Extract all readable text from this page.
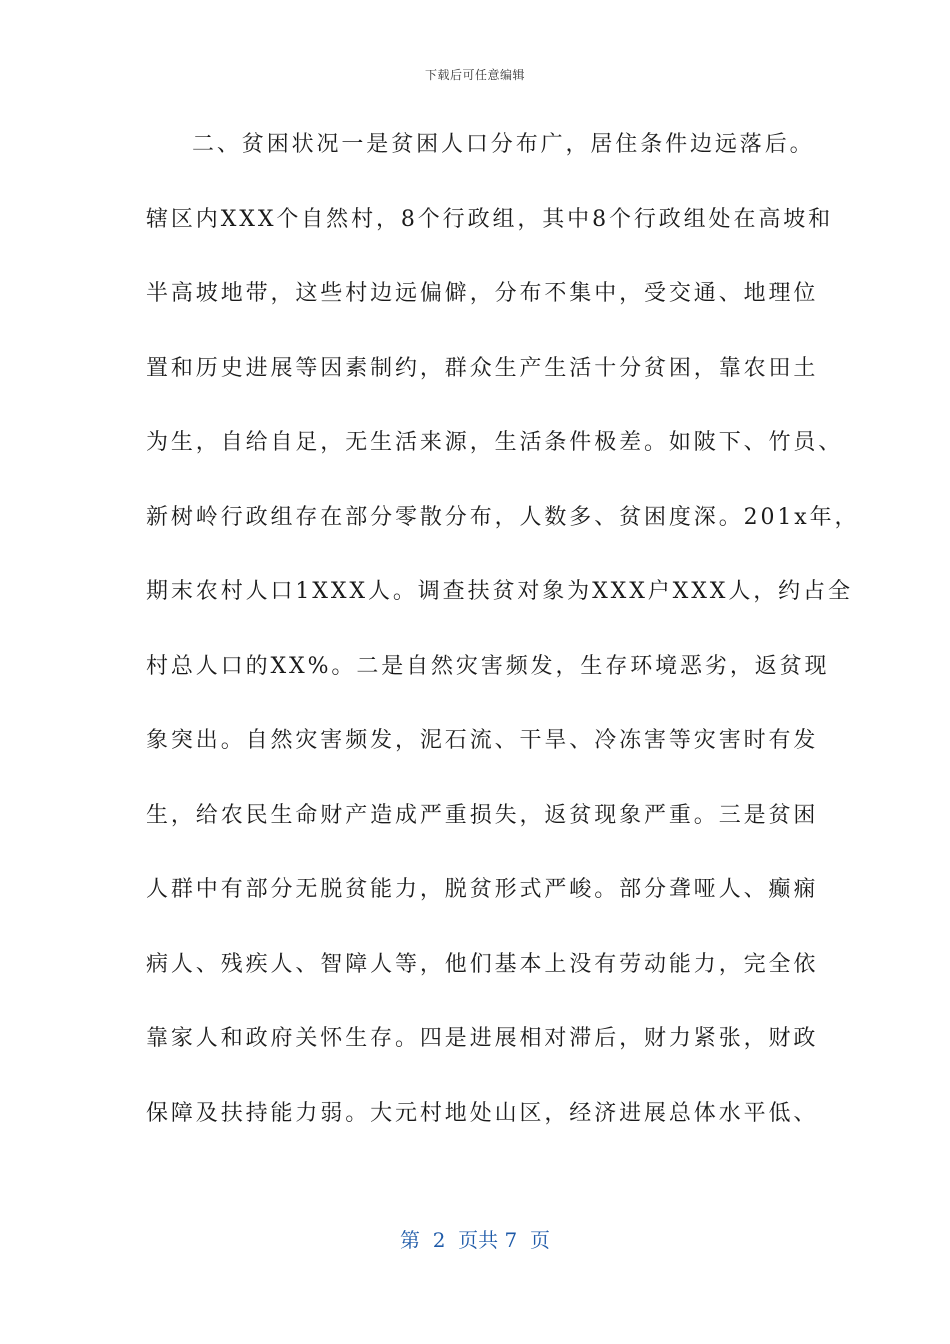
下载后可任意编辑
二、贫困状况一是贫困人口分布广，居住条件边远落后。
辖区内XXX个自然村，8个行政组，其中8个行政组处在高坡和
半高坡地带，这些村边远偏僻，分布不集中，受交通、地理位
置和历史进展等因素制约，群众生产生活十分贫困，靠农田土
为生，自给自足，无生活来源，生活条件极差。如陂下、竹员、
新树岭行政组存在部分零散分布，人数多、贫困度深。201x年，
期末农村人口1XXX人。调查扶贫对象为XXX户XXX人，约占全
村总人口的XX%。二是自然灾害频发，生存环境恶劣，返贫现
象突出。自然灾害频发，泥石流、干旱、冷冻害等灾害时有发
生，给农民生命财产造成严重损失，返贫现象严重。三是贫困
人群中有部分无脱贫能力，脱贫形式严峻。部分聋哑人、癫痫
病人、残疾人、智障人等，他们基本上没有劳动能力，完全依
靠家人和政府关怀生存。四是进展相对滞后，财力紧张，财政
保障及扶持能力弱。大元村地处山区，经济进展总体水平低、
第  2  页共 7  页
